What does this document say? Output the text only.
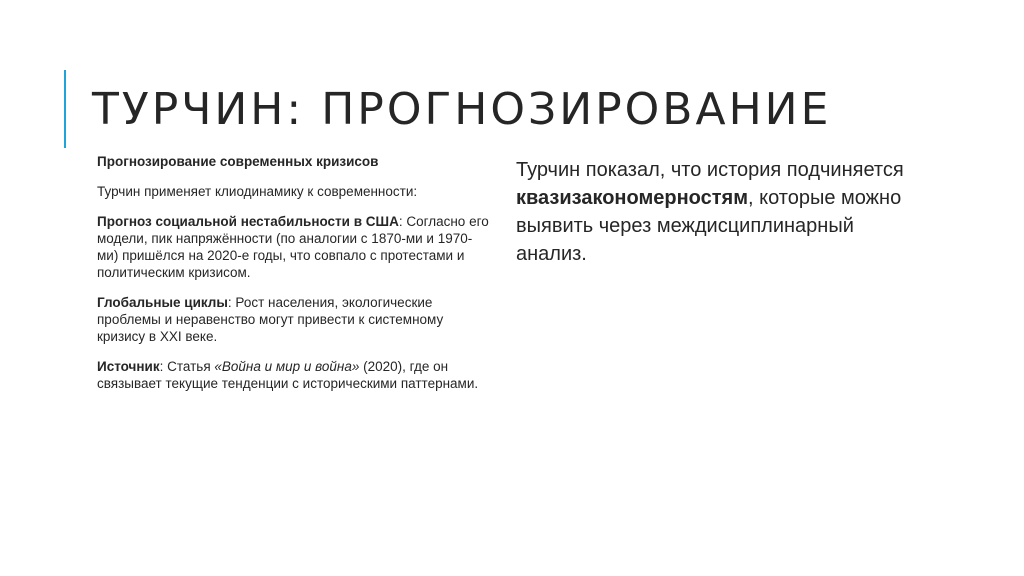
ТУРЧИН: ПРОГНОЗИРОВАНИЕ

Прогнозирование современных кризисов

Турчин применяет клиодинамику к современности:

Прогноз социальной нестабильности в США: Согласно его модели, пик напряжённости (по аналогии с 1870-ми и 1970-ми) пришёлся на 2020-е годы, что совпало с протестами и политическим кризисом.

Глобальные циклы: Рост населения, экологические проблемы и неравенство могут привести к системному кризису в XXI веке.

Источник: Статья «Война и мир и война» (2020), где он связывает текущие тенденции с историческими паттернами.

Турчин показал, что история подчиняется квазизакономерностям, которые можно выявить через междисциплинарный анализ.
